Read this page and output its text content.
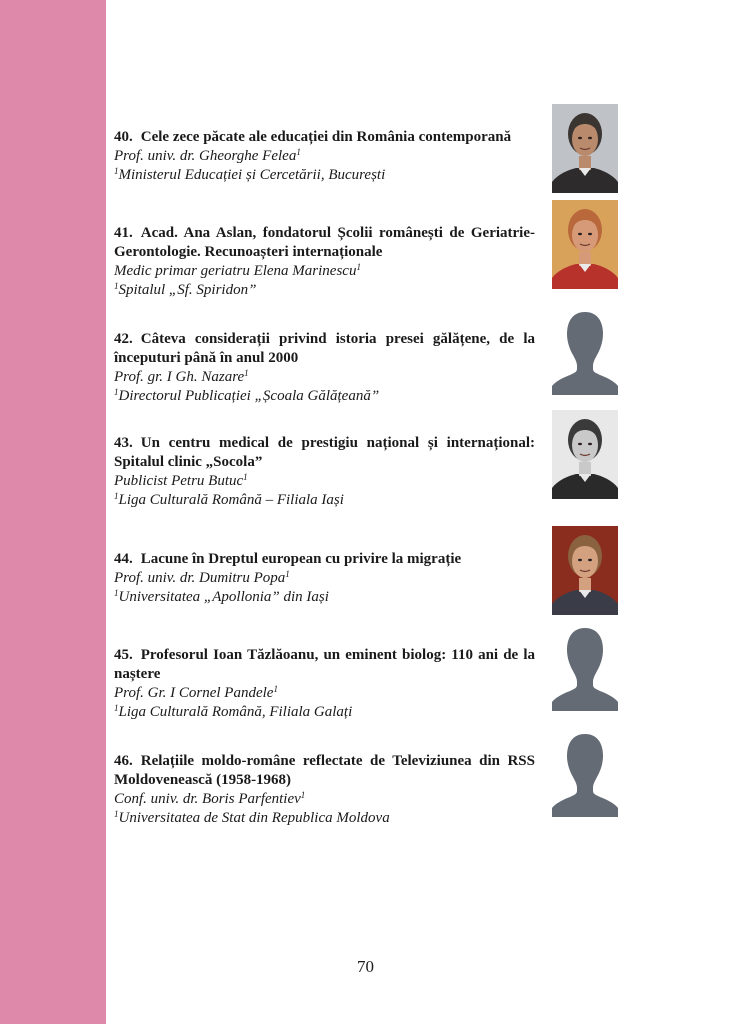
40. Cele zece păcate ale educației din România contemporană

Prof. univ. dr. Gheorghe Felea$^1$

$^1$Ministerul Educației și Cercetării, București

41. Acad. Ana Aslan, fondatorul Școlii românești de Geriatrie-Gerontologie. Recunoașteri internaționale

Medic primar geriatru Elena Marinescu$^1$

$^1$Spitalul „Sf. Spiridon”

42. Câteva considerații privind istoria presei gălățene, de la începuturi până în anul 2000

Prof. gr. I Gh. Nazare$^1$

$^1$Directorul Publicației „Școala Gălățeană”

43. Un centru medical de prestigiu național și internațional: Spitalul clinic „Socola”

Publicist Petru Butuc$^1$

$^1$Liga Culturală Română – Filiala Iași

44. Lacune în Dreptul european cu privire la migrație

Prof. univ. dr. Dumitru Popa$^1$

$^1$Universitatea „Apollonia” din Iași

45. Profesorul Ioan Tăzlăoanu, un eminent biolog: 110 ani de la naștere

Prof. Gr. I Cornel Pandele$^1$

$^1$Liga Culturală Română, Filiala Galați

46. Relațiile moldo-române reflectate de Televiziunea din RSS Moldovenească (1958-1968)

Conf. univ. dr. Boris Parfentiev$^1$

$^1$Universitatea de Stat din Republica Moldova

70
